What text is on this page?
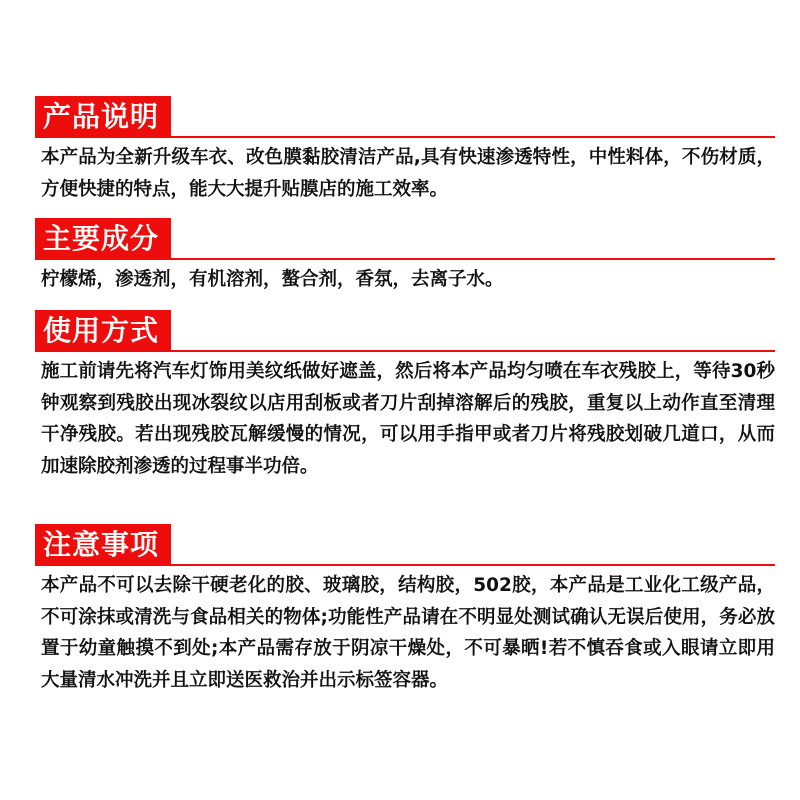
产品说明
本产品为全新升级车衣、改色膜黏胶清洁产品,具有快速渗透特性，中性料体，不伤材质，方便快捷的特点，能大大提升贴膜店的施工效率。
主要成分
柠檬烯，渗透剂，有机溶剂，螯合剂，香氛，去离子水。
使用方式
施工前请先将汽车灯饰用美纹纸做好遮盖，然后将本产品均匀喷在车衣残胶上，等待30秒钟观察到残胶出现冰裂纹以店用刮板或者刀片刮掉溶解后的残胶，重复以上动作直至清理干净残胶。若出现残胶瓦解缓慢的情况，可以用手指甲或者刀片将残胶划破几道口，从而加速除胶剂渗透的过程事半功倍。
注意事项
本产品不可以去除干硬老化的胶、玻璃胶，结构胶，502胶，本产品是工业化工级产品，不可涂抹或清洗与食品相关的物体;功能性产品请在不明显处测试确认无误后使用，务必放置于幼童触摸不到处;本产品需存放于阴凉干燥处，不可暴晒!若不慎吞食或入眼请立即用大量清水冲洗并且立即送医救治并出示标签容器。
